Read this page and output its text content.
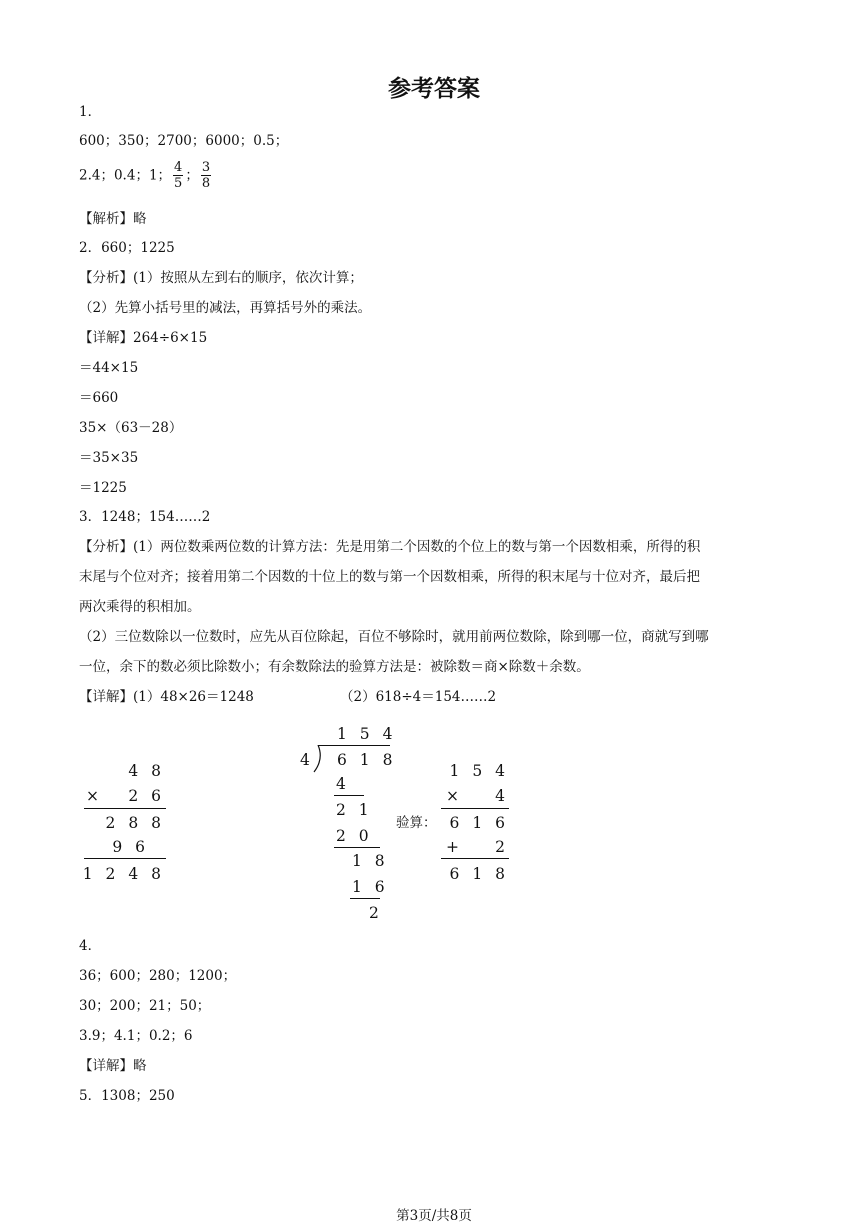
参考答案
1．
600；350；2700；6000；0.5；
2.4；0.4；1； $\frac{4}{5}$ ； $\frac{3}{8}$
【解析】略
2．660；1225
【分析】(1）按照从左到右的顺序，依次计算；
（2）先算小括号里的减法，再算括号外的乘法。
【详解】264÷6×15
＝44×15
＝660
35×（63－28）
＝35×35
＝1225
3．1248；154……2
【分析】(1）两位数乘两位数的计算方法：先是用第二个因数的个位上的数与第一个因数相乘，所得的积
末尾与个位对齐；接着用第二个因数的十位上的数与第一个因数相乘，所得的积末尾与十位对齐，最后把
两次乘得的积相加。
（2）三位数除以一位数时，应先从百位除起，百位不够除时，就用前两位数除，除到哪一位，商就写到哪
一位，余下的数必须比除数小；有余数除法的验算方法是：被除数＝商×除数＋余数。
【详解】(1）48×26＝1248	（2）618÷4＝154……2
4 8
× 2 6
2 8 8
9 6
1 2 4 8
1 5 4
4 6 1 8
4
2 1
2 0
1 8
1 6
2
验算：
1 5 4
× 4
6 1 6
+ 2
6 1 8
4．
36；600；280；1200；
30；200；21；50；
3.9；4.1；0.2；6
【详解】略
5．1308；250
第3页/共8页
